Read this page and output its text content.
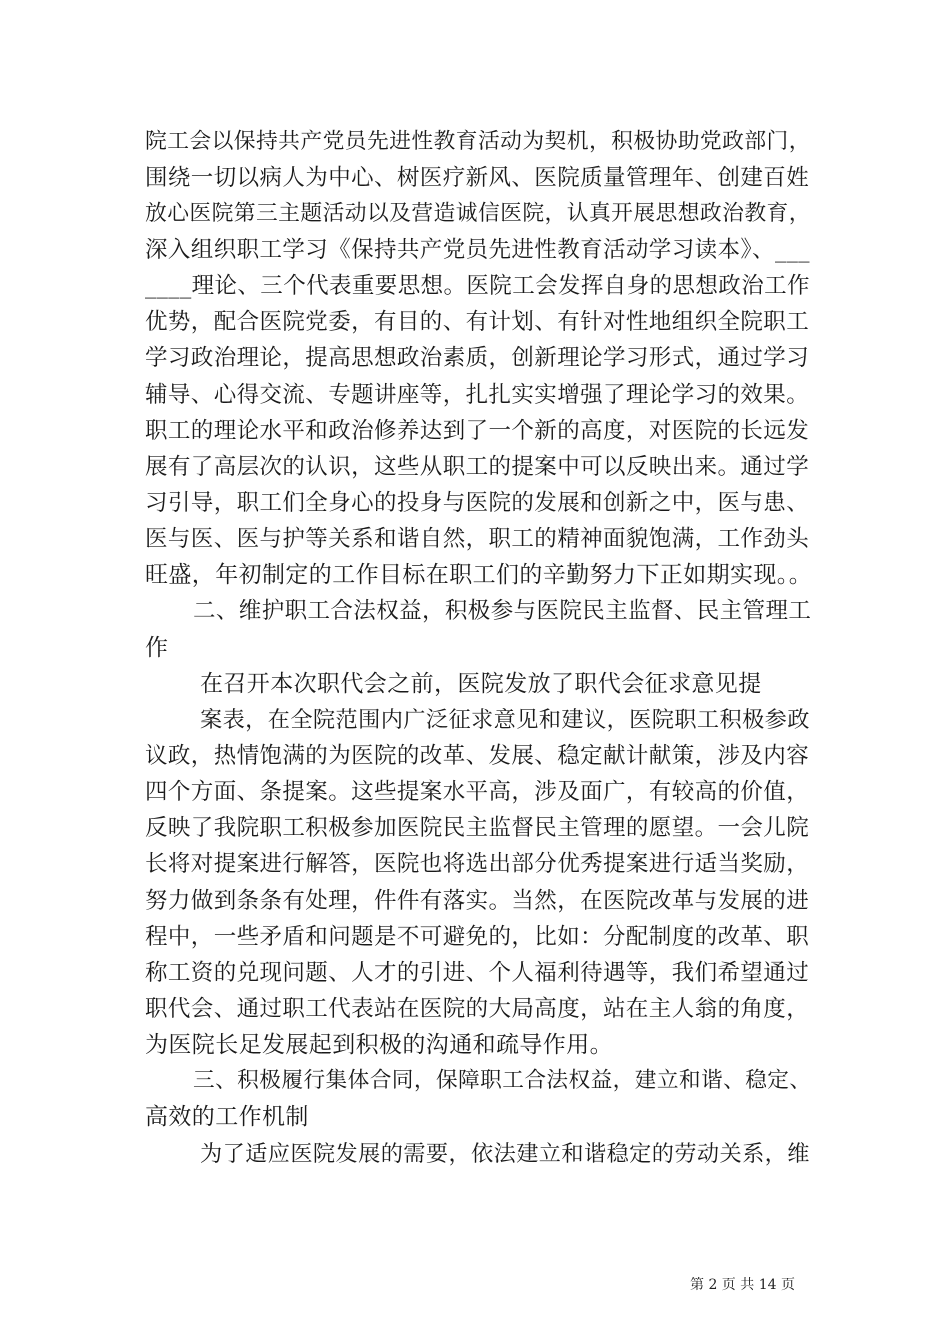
院工会以保持共产党员先进性教育活动为契机，积极协助党政部门，
围绕一切以病人为中心、树医疗新风、医院质量管理年、创建百姓
放心医院第三主题活动以及营造诚信医院，认真开展思想政治教育，
深入组织职工学习《保持共产党员先进性教育活动学习读本》、___
____理论、三个代表重要思想。医院工会发挥自身的思想政治工作
优势，配合医院党委，有目的、有计划、有针对性地组织全院职工
学习政治理论，提高思想政治素质，创新理论学习形式，通过学习
辅导、心得交流、专题讲座等，扎扎实实增强了理论学习的效果。
职工的理论水平和政治修养达到了一个新的高度，对医院的长远发
展有了高层次的认识，这些从职工的提案中可以反映出来。通过学
习引导，职工们全身心的投身与医院的发展和创新之中，医与患、
医与医、医与护等关系和谐自然，职工的精神面貌饱满，工作劲头
旺盛，年初制定的工作目标在职工们的辛勤努力下正如期实现。。
二、维护职工合法权益，积极参与医院民主监督、民主管理工
作
在召开本次职代会之前，医院发放了职代会征求意见提
案表，在全院范围内广泛征求意见和建议，医院职工积极参政
议政，热情饱满的为医院的改革、发展、稳定献计献策，涉及内容
四个方面、条提案。这些提案水平高，涉及面广，有较高的价值，
反映了我院职工积极参加医院民主监督民主管理的愿望。一会儿院
长将对提案进行解答，医院也将选出部分优秀提案进行适当奖励，
努力做到条条有处理，件件有落实。当然，在医院改革与发展的进
程中，一些矛盾和问题是不可避免的，比如：分配制度的改革、职
称工资的兑现问题、人才的引进、个人福利待遇等，我们希望通过
职代会、通过职工代表站在医院的大局高度，站在主人翁的角度，
为医院长足发展起到积极的沟通和疏导作用。
三、积极履行集体合同，保障职工合法权益，建立和谐、稳定、
高效的工作机制
为了适应医院发展的需要，依法建立和谐稳定的劳动关系，维
第 2 页 共 14 页
